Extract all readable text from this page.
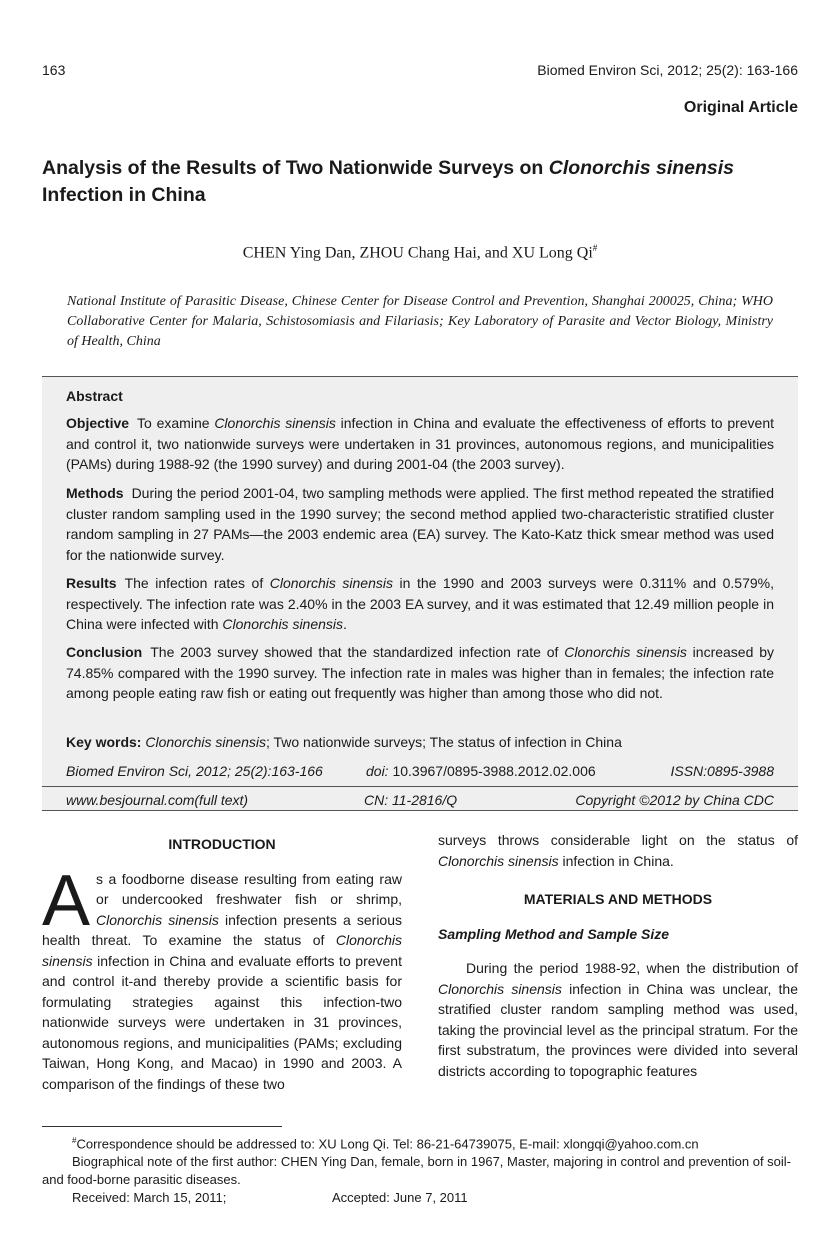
163	Biomed Environ Sci, 2012; 25(2): 163-166
Original Article
Analysis of the Results of Two Nationwide Surveys on Clonorchis sinensis
Infection in China
CHEN Ying Dan, ZHOU Chang Hai, and XU Long Qi#
National Institute of Parasitic Disease, Chinese Center for Disease Control and Prevention, Shanghai 200025, China; WHO Collaborative Center for Malaria, Schistosomiasis and Filariasis; Key Laboratory of Parasite and Vector Biology, Ministry of Health, China
Abstract
Objective To examine Clonorchis sinensis infection in China and evaluate the effectiveness of efforts to prevent and control it, two nationwide surveys were undertaken in 31 provinces, autonomous regions, and municipalities (PAMs) during 1988-92 (the 1990 survey) and during 2001-04 (the 2003 survey).
Methods During the period 2001-04, two sampling methods were applied. The first method repeated the stratified cluster random sampling used in the 1990 survey; the second method applied two-characteristic stratified cluster random sampling in 27 PAMs—the 2003 endemic area (EA) survey. The Kato-Katz thick smear method was used for the nationwide survey.
Results The infection rates of Clonorchis sinensis in the 1990 and 2003 surveys were 0.311% and 0.579%, respectively. The infection rate was 2.40% in the 2003 EA survey, and it was estimated that 12.49 million people in China were infected with Clonorchis sinensis.
Conclusion The 2003 survey showed that the standardized infection rate of Clonorchis sinensis increased by 74.85% compared with the 1990 survey. The infection rate in males was higher than in females; the infection rate among people eating raw fish or eating out frequently was higher than among those who did not.
Key words: Clonorchis sinensis; Two nationwide surveys; The status of infection in China
Biomed Environ Sci, 2012; 25(2):163-166	doi: 10.3967/0895-3988.2012.02.006	ISSN:0895-3988
www.besjournal.com(full text)	CN: 11-2816/Q	Copyright ©2012 by China CDC
INTRODUCTION

As a foodborne disease resulting from eating raw or undercooked freshwater fish or shrimp, Clonorchis sinensis infection presents a serious health threat. To examine the status of Clonorchis sinensis infection in China and evaluate efforts to prevent and control it-and thereby provide a scientific basis for formulating strategies against this infection-two nationwide surveys were undertaken in 31 provinces, autonomous regions, and municipalities (PAMs; excluding Taiwan, Hong Kong, and Macao) in 1990 and 2003. A comparison of the findings of these two

surveys throws considerable light on the status of Clonorchis sinensis infection in China.

MATERIALS AND METHODS
Sampling Method and Sample Size

During the period 1988-92, when the distribution of Clonorchis sinensis infection in China was unclear, the stratified cluster random sampling method was used, taking the provincial level as the principal stratum. For the first substratum, the provinces were divided into several districts according to topographic features

#Correspondence should be addressed to: XU Long Qi. Tel: 86-21-64739075, E-mail: xlongqi@yahoo.com.cn
Biographical note of the first author: CHEN Ying Dan, female, born in 1967, Master, majoring in control and prevention of soil-and food-borne parasitic diseases.
Received: March 15, 2011;	Accepted: June 7, 2011
